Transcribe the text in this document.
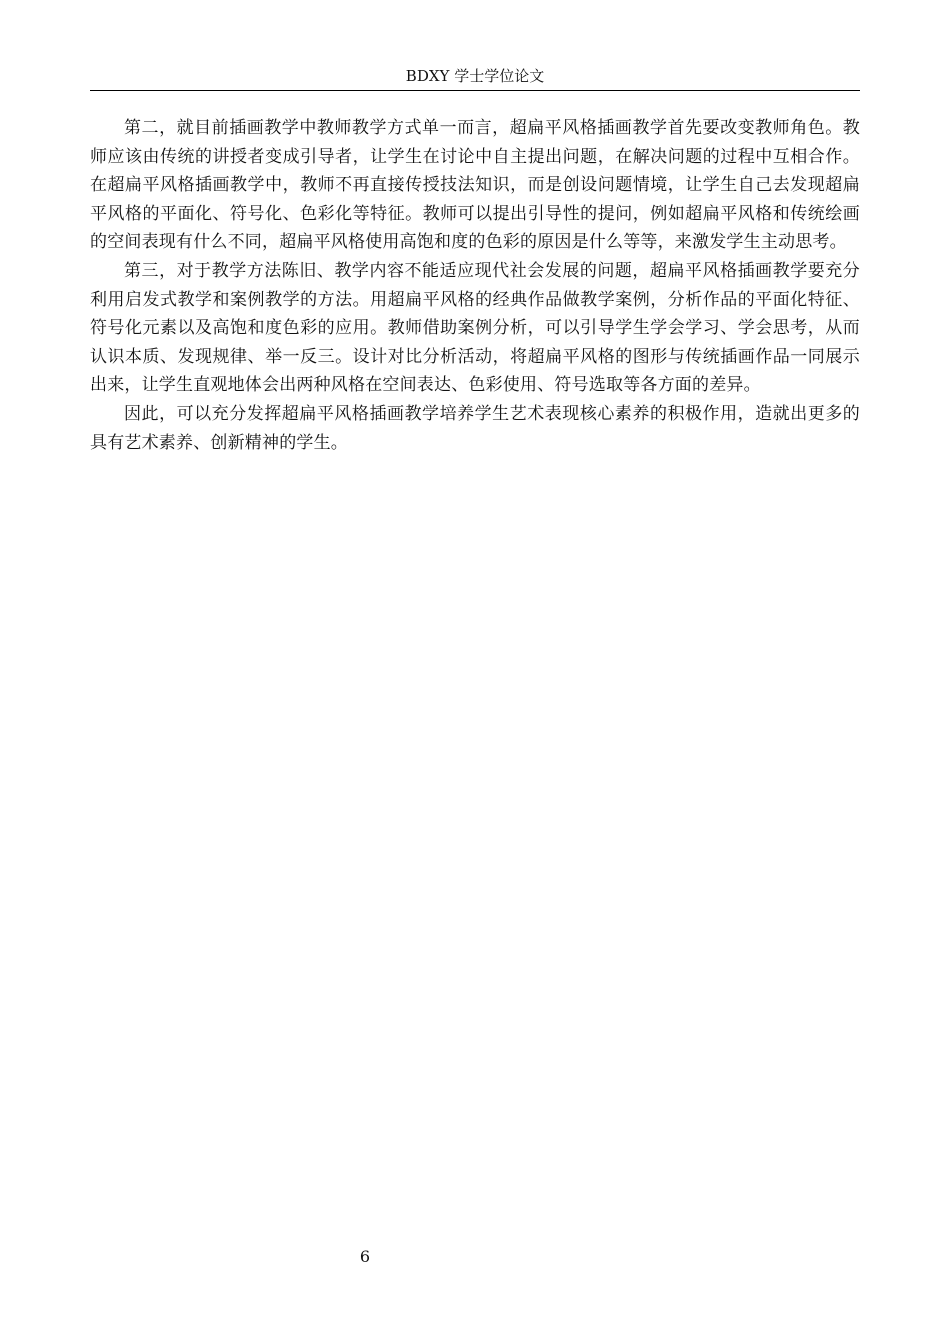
BDXY 学士学位论文

第二，就目前插画教学中教师教学方式单一而言，超扁平风格插画教学首先要改变教师角色。教师应该由传统的讲授者变成引导者，让学生在讨论中自主提出问题，在解决问题的过程中互相合作。在超扁平风格插画教学中，教师不再直接传授技法知识，而是创设问题情境，让学生自己去发现超扁平风格的平面化、符号化、色彩化等特征。教师可以提出引导性的提问，例如超扁平风格和传统绘画的空间表现有什么不同，超扁平风格使用高饱和度的色彩的原因是什么等等，来激发学生主动思考。

第三，对于教学方法陈旧、教学内容不能适应现代社会发展的问题，超扁平风格插画教学要充分利用启发式教学和案例教学的方法。用超扁平风格的经典作品做教学案例，分析作品的平面化特征、符号化元素以及高饱和度色彩的应用。教师借助案例分析，可以引导学生学会学习、学会思考，从而认识本质、发现规律、举一反三。设计对比分析活动，将超扁平风格的图形与传统插画作品一同展示出来，让学生直观地体会出两种风格在空间表达、色彩使用、符号选取等各方面的差异。

因此，可以充分发挥超扁平风格插画教学培养学生艺术表现核心素养的积极作用，造就出更多的具有艺术素养、创新精神的学生。

6
